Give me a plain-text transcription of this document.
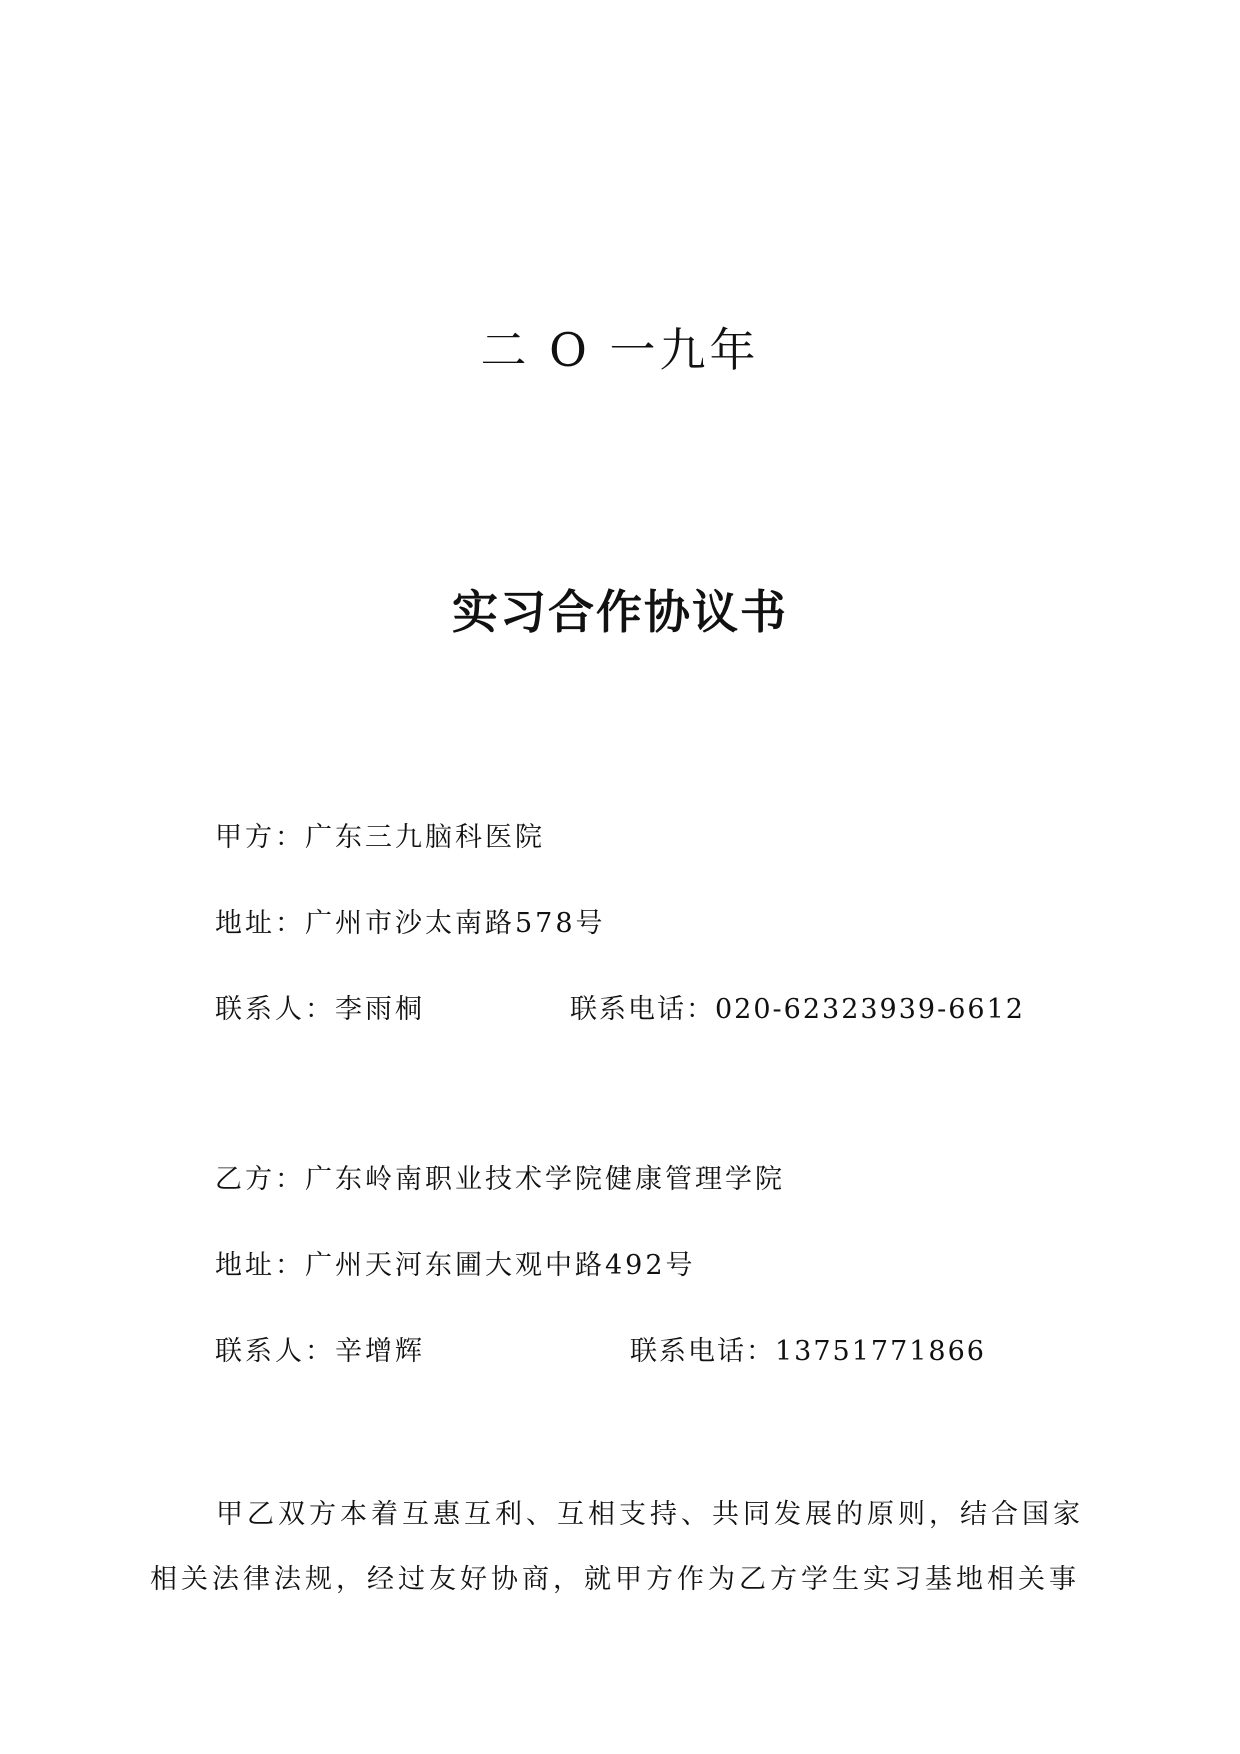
二 O 一九年
实习合作协议书
甲方：广东三九脑科医院
地址：广州市沙太南路578号
联系人：李雨桐	联系电话：020-62323939-6612
乙方：广东岭南职业技术学院健康管理学院
地址：广州天河东圃大观中路492号
联系人：辛增辉	联系电话：13751771866
甲乙双方本着互惠互利、互相支持、共同发展的原则，结合国家
相关法律法规，经过友好协商，就甲方作为乙方学生实习基地相关事
